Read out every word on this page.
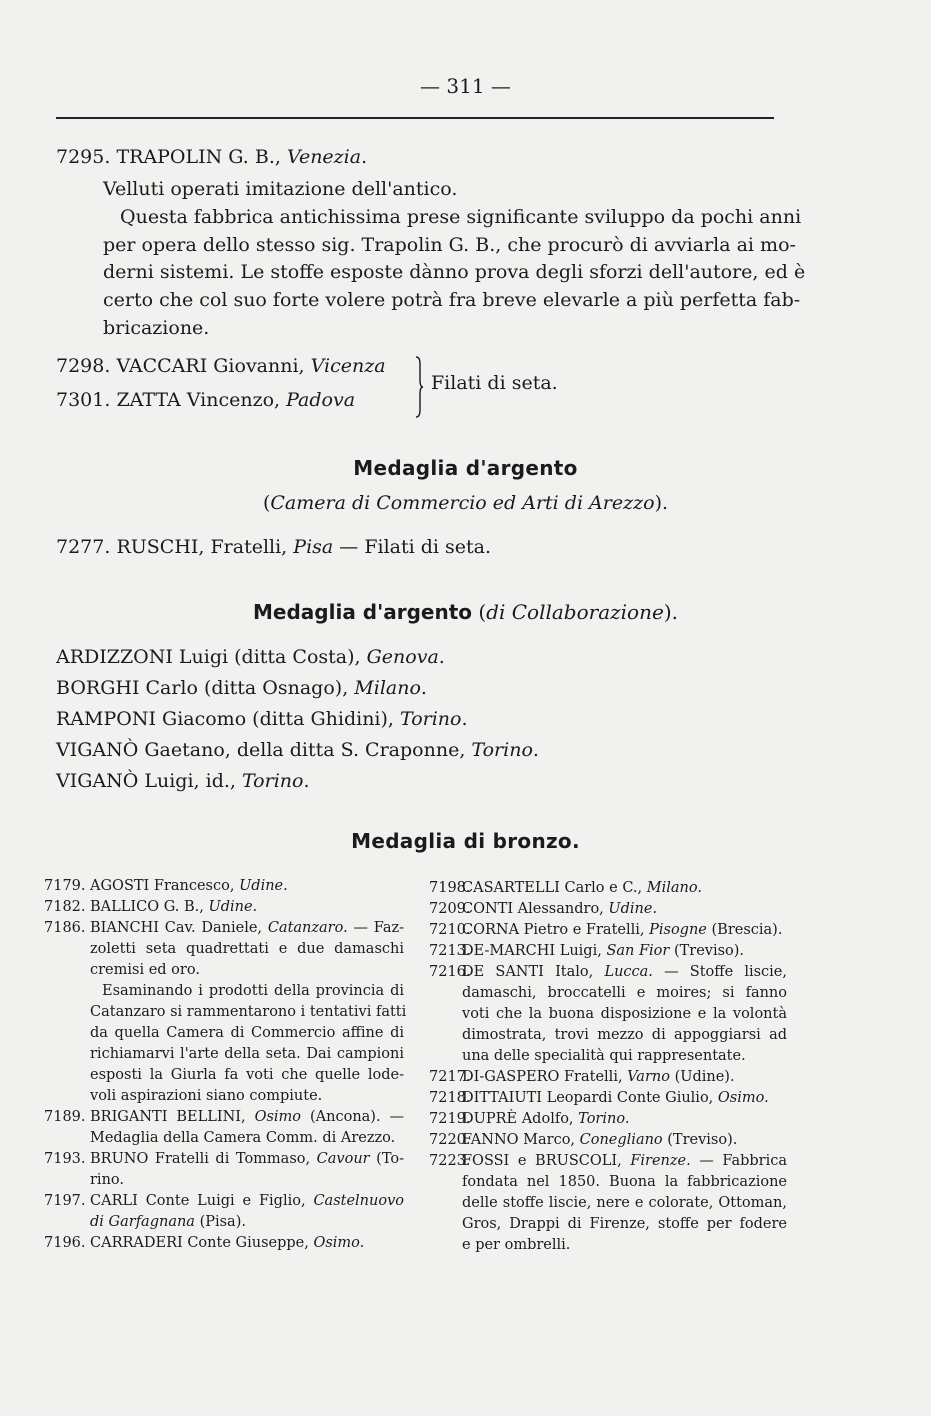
— 311 —
7295. TRAPOLIN G. B., Venezia.
Velluti operati imitazione dell'antico.
Questa fabbrica antichissima prese significante sviluppo da pochi anni
per opera dello stesso sig. Trapolin G. B., che procurò di avviarla ai mo-
derni sistemi. Le stoffe esposte dànno prova degli sforzi dell'autore, ed è
certo che col suo forte volere potrà fra breve elevarle a più perfetta fab-
bricazione.
7298. VACCARI Giovanni, Vicenza
7301. ZATTA Vincenzo, Padova
Filati di seta.
Medaglia d'argento
(Camera di Commercio ed Arti di Arezzo).
7277. RUSCHI, Fratelli, Pisa — Filati di seta.
Medaglia d'argento (di Collaborazione).
ARDIZZONI Luigi (ditta Costa), Genova.
BORGHI Carlo (ditta Osnago), Milano.
RAMPONI Giacomo (ditta Ghidini), Torino.
VIGANÒ Gaetano, della ditta S. Craponne, Torino.
VIGANÒ Luigi, id., Torino.
Medaglia di bronzo.
7179. AGOSTI Francesco, Udine.
7182. BALLICO G. B., Udine.
7186. BIANCHI Cav. Daniele, Catanzaro. — Faz-
zoletti seta quadrettati e due damaschi
cremisi ed oro.
Esaminando i prodotti della provincia di
Catanzaro si rammentarono i tentativi fatti
da quella Camera di Commercio affine di
richiamarvi l'arte della seta. Dai campioni
esposti la Giurla fa voti che quelle lode-
voli aspirazioni siano compiute.
7189. BRIGANTI BELLINI, Osimo (Ancona). —
Medaglia della Camera Comm. di Arezzo.
7193. BRUNO Fratelli di Tommaso, Cavour (To-
rino.
7197. CARLI Conte Luigi e Figlio, Castelnuovo
di Garfagnana (Pisa).
7196. CARRADERI Conte Giuseppe, Osimo.
7198.CASARTELLI Carlo e C., Milano.
7209.CONTI Alessandro, Udine.
7210.CORNA Pietro e Fratelli, Pisogne (Brescia).
7213.DE-MARCHI Luigi, San Fior (Treviso).
7216.DE SANTI Italo, Lucca. — Stoffe liscie,
damaschi, broccatelli e moires; si fanno
voti che la buona disposizione e la volontà
dimostrata, trovi mezzo di appoggiarsi ad
una delle specialità qui rappresentate.
7217.DI-GASPERO Fratelli, Varno (Udine).
7218.DITTAIUTI Leopardi Conte Giulio, Osimo.
7219.DUPRÈ Adolfo, Torino.
7220.FANNO Marco, Conegliano (Treviso).
7223.FOSSI e BRUSCOLI, Firenze. — Fabbrica
fondata nel 1850. Buona la fabbricazione
delle stoffe liscie, nere e colorate, Ottoman,
Gros, Drappi di Firenze, stoffe per fodere
e per ombrelli.
